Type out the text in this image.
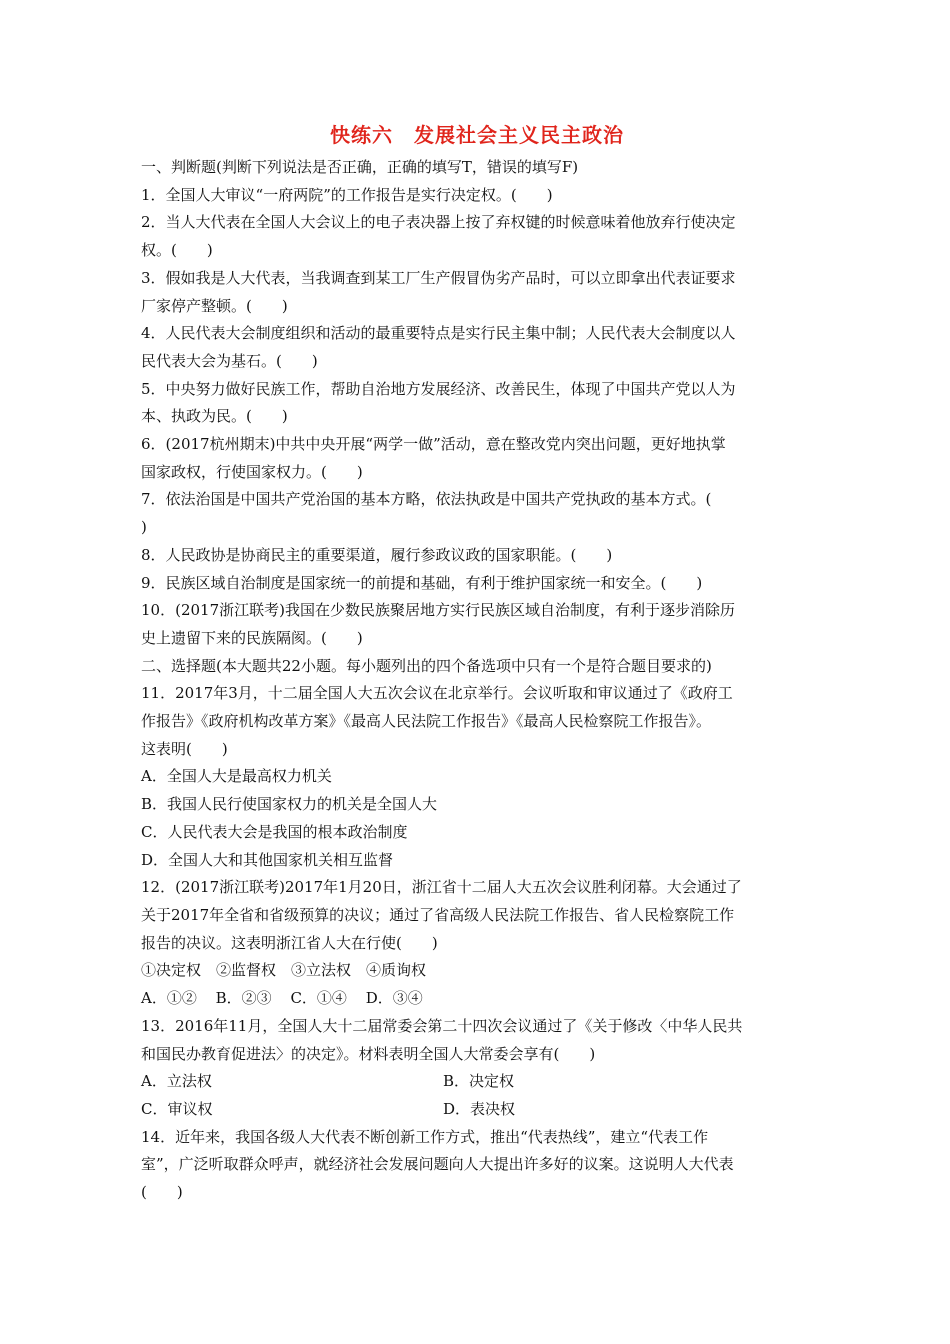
快练六　发展社会主义民主政治
一、判断题(判断下列说法是否正确，正确的填写T，错误的填写F)
1．全国人大审议“一府两院”的工作报告是实行决定权。(　　)
2．当人大代表在全国人大会议上的电子表决器上按了弃权键的时候意味着他放弃行使决定
权。(　　)
3．假如我是人大代表，当我调查到某工厂生产假冒伪劣产品时，可以立即拿出代表证要求
厂家停产整顿。(　　)
4．人民代表大会制度组织和活动的最重要特点是实行民主集中制；人民代表大会制度以人
民代表大会为基石。(　　)
5．中央努力做好民族工作，帮助自治地方发展经济、改善民生，体现了中国共产党以人为
本、执政为民。(　　)
6．(2017杭州期末)中共中央开展“两学一做”活动，意在整改党内突出问题，更好地执掌
国家政权，行使国家权力。(　　)
7．依法治国是中国共产党治国的基本方略，依法执政是中国共产党执政的基本方式。(
)
8．人民政协是协商民主的重要渠道，履行参政议政的国家职能。(　　)
9．民族区域自治制度是国家统一的前提和基础，有利于维护国家统一和安全。(　　)
10．(2017浙江联考)我国在少数民族聚居地方实行民族区域自治制度，有利于逐步消除历
史上遗留下来的民族隔阂。(　　)
二、选择题(本大题共22小题。每小题列出的四个备选项中只有一个是符合题目要求的)
11．2017年3月，十二届全国人大五次会议在北京举行。会议听取和审议通过了《政府工
作报告》《政府机构改革方案》《最高人民法院工作报告》《最高人民检察院工作报告》。
这表明(　　)
A．全国人大是最高权力机关
B．我国人民行使国家权力的机关是全国人大
C．人民代表大会是我国的根本政治制度
D．全国人大和其他国家机关相互监督
12．(2017浙江联考)2017年1月20日，浙江省十二届人大五次会议胜利闭幕。大会通过了
关于2017年全省和省级预算的决议；通过了省高级人民法院工作报告、省人民检察院工作
报告的决议。这表明浙江省人大在行使(　　)
①决定权　②监督权　③立法权　④质询权
A．①② B．②③ C．①④ D．③④
13．2016年11月，全国人大十二届常委会第二十四次会议通过了《关于修改〈中华人民共
和国民办教育促进法〉的决定》。材料表明全国人大常委会享有(　　)
A．立法权	B．决定权
C．审议权	D．表决权
14．近年来，我国各级人大代表不断创新工作方式，推出“代表热线”，建立“代表工作
室”，广泛听取群众呼声，就经济社会发展问题向人大提出许多好的议案。这说明人大代表
(　　)
